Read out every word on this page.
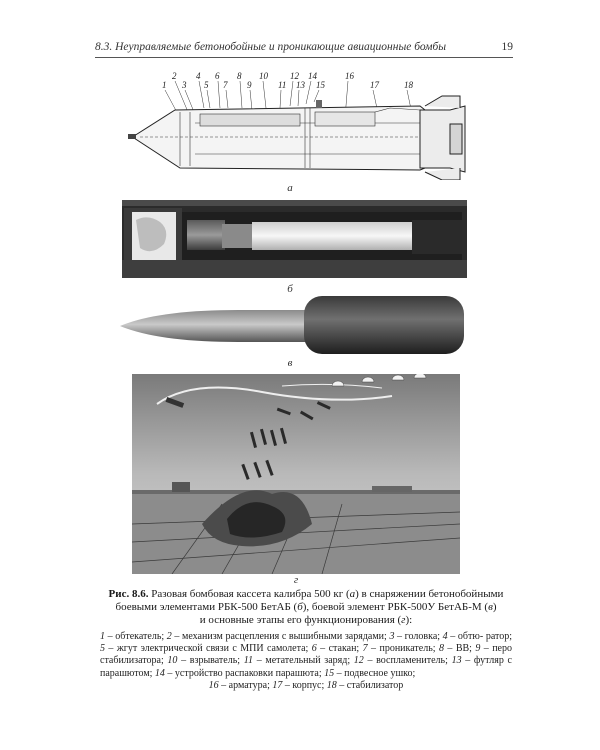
8.3. Неуправляемые бетонобойные и проникающие авиационные бомбы	19
1
2
3
4
5
6
7
8
9
10
11
12
13
14
15
16
17	18
а
б
в
г
Рис. 8.6. Разовая бомбовая кассета калибра 500 кг (а) в снаряжении бетонобойными
боевыми элементами РБК-500 БетАБ (б), боевой элемент РБК-500У БетАБ-М (в)
и основные этапы его функционирования (г):
1 – обтекатель; 2 – механизм расцепления с вышибными зарядами; 3 – головка; 4 – обтю- ратор; 5 – жгут электрической связи с МПИ самолета; 6 – стакан; 7 – проникатель; 8 – ВВ; 9 – перо стабилизатора; 10 – взрыватель; 11 – метательный заряд; 12 – воспламенитель; 13 – футляр с парашютом; 14 – устройство распаковки парашюта; 15 – подвесное ушко;
16 – арматура; 17 – корпус; 18 – стабилизатор
